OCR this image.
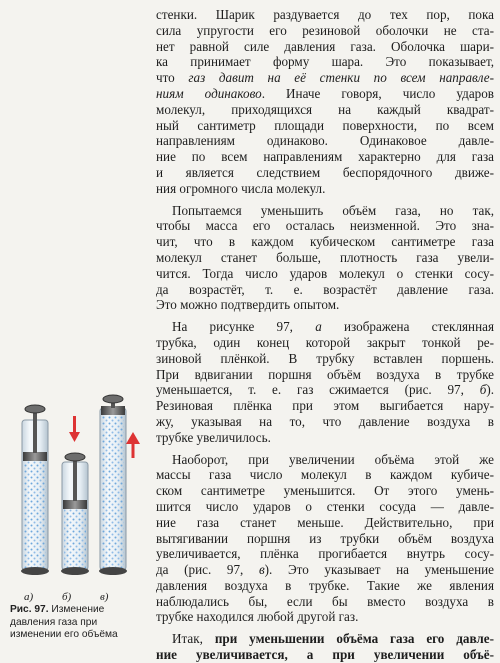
а)	б)	в)
Рис. 97. Изменение
давления газа при
изменении его объёма
стенки. Шарик раздувается до тех пор, пока
сила упругости его резиновой оболочки не ста-
нет равной силе давления газа. Оболочка шари-
ка принимает форму шара. Это показывает,
что газ давит на её стенки по всем направле-
ниям одинаково. Иначе говоря, число ударов
молекул, приходящихся на каждый квадрат-
ный сантиметр площади поверхности, по всем
направлениям одинаково. Одинаковое давле-
ние по всем направлениям характерно для газа
и является следствием беспорядочного движе-
ния огромного числа молекул.
Попытаемся уменьшить объём газа, но так,
чтобы масса его осталась неизменной. Это зна-
чит, что в каждом кубическом сантиметре газа
молекул станет больше, плотность газа увели-
чится. Тогда число ударов молекул о стенки сосу-
да возрастёт, т. е. возрастёт давление газа.
Это можно подтвердить опытом.
На рисунке 97, а изображена стеклянная
трубка, один конец которой закрыт тонкой ре-
зиновой плёнкой. В трубку вставлен поршень.
При вдвигании поршня объём воздуха в трубке
уменьшается, т. е. газ сжимается (рис. 97, б).
Резиновая плёнка при этом выгибается нару-
жу, указывая на то, что давление воздуха в
трубке увеличилось.
Наоборот, при увеличении объёма этой же
массы газа число молекул в каждом кубиче-
ском сантиметре уменьшится. От этого умень-
шится число ударов о стенки сосуда — давле-
ние газа станет меньше. Действительно, при
вытягивании поршня из трубки объём воздуха
увеличивается, плёнка прогибается внутрь сосу-
да (рис. 97, в). Это указывает на уменьшение
давления воздуха в трубке. Такие же явления
наблюдались бы, если бы вместо воздуха в
трубке находился любой другой газ.
Итак, при уменьшении объёма газа его давле-
ние увеличивается, а при увеличении объё-
